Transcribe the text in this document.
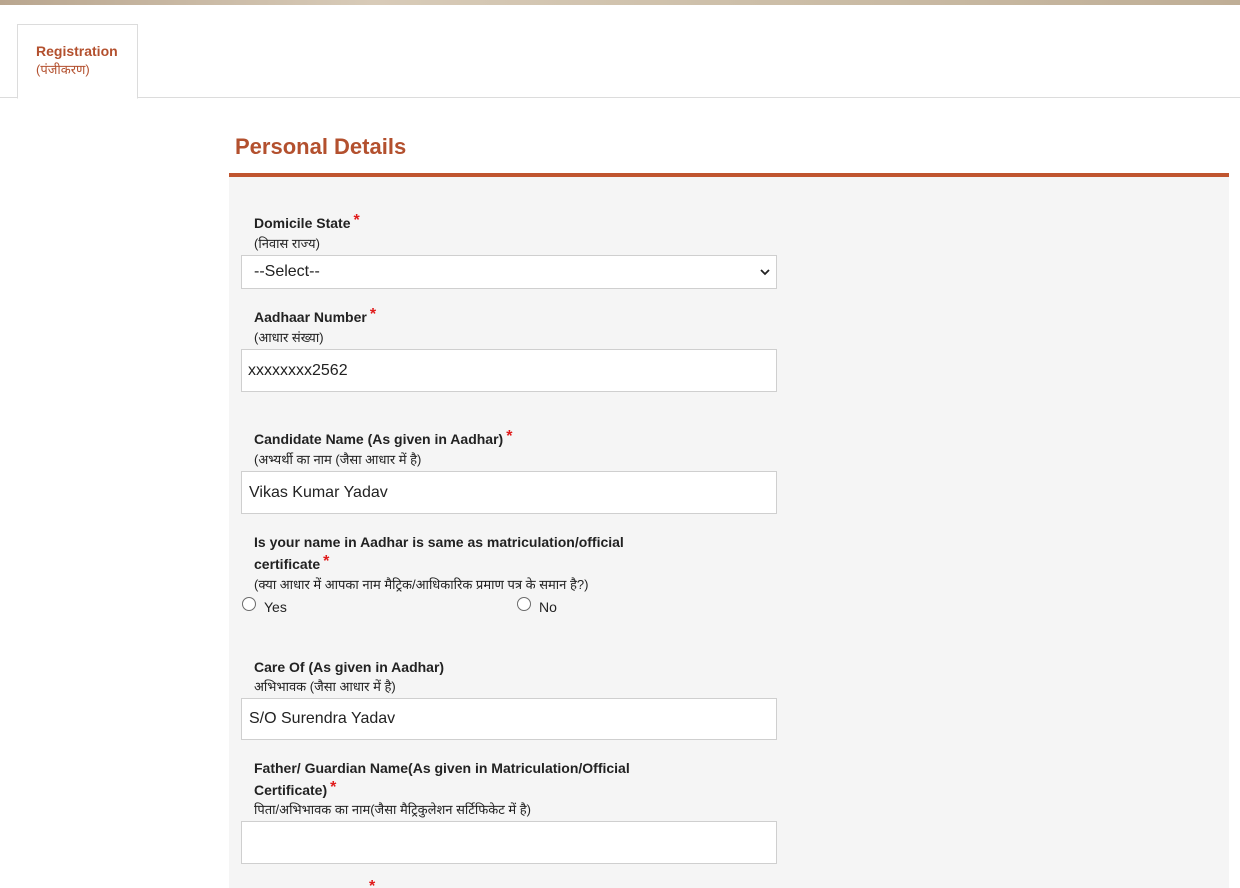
Registration
(पंजीकरण)
Personal Details
Domicile State *
(निवास राज्य)
--Select--
Aadhaar Number *
(आधार संख्या)
xxxxxxxx2562
Candidate Name (As given in Aadhar) *
(अभ्यर्थी का नाम (जैसा आधार में है)
Vikas Kumar Yadav
Is your name in Aadhar is same as matriculation/official
certificate *
(क्या आधार में आपका नाम मैट्रिक/आधिकारिक प्रमाण पत्र के समान है?)
Yes	No
Care Of (As given in Aadhar)
अभिभावक (जैसा आधार में है)
S/O Surendra Yadav
Father/ Guardian Name(As given in Matriculation/Official
Certificate) *
पिता/अभिभावक का नाम(जैसा मैट्रिकुलेशन सर्टिफिकेट में है)
*
